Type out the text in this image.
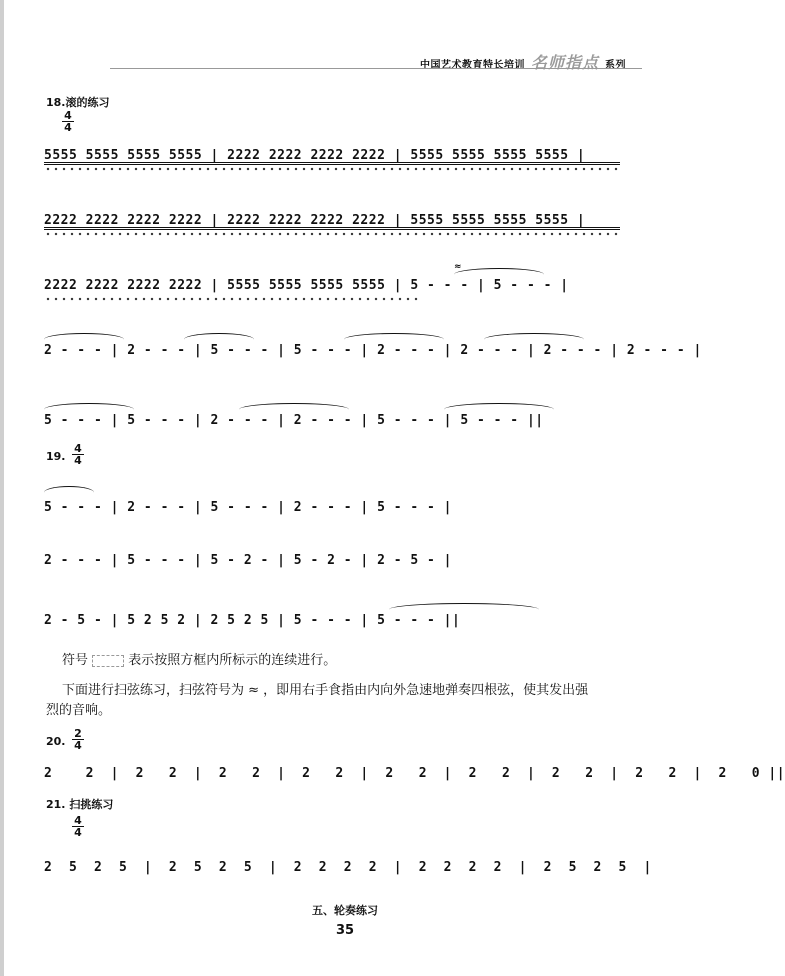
中国艺术教育特长培训 名师指点 系列
18.滚的练习
$\frac{4}{4}$
5555 5555 5555 5555 | 2222 2222 2222 2222 | 5555 5555 5555 5555 |
2222 2222 2222 2222 | 2222 2222 2222 2222 | 5555 5555 5555 5555 |
≈
2222 2222 2222 2222 | 5555 5555 5555 5555 | 5 - - - | 5 - - - |
2 - - - | 2 - - - | 5 - - - | 5 - - - | 2 - - - | 2 - - - | 2 - - - | 2 - - - |
5 - - - | 5 - - - | 2 - - - | 2 - - - | 5 - - - | 5 - - - ||
19. $\frac{4}{4}$
5 - - - | 2 - - - | 5 - - - | 2 - - - | 5 - - - |
2 - - - | 5 - - - | 5 - 2 - | 5 - 2 - | 2 - 5 - |
2 - 5 - | 5 2 5 2 | 2 5 2 5 | 5 - - - | 5 - - - ||
符号	表示按照方框内所标示的连续进行。
下面进行扫弦练习，扫弦符号为 ≈ ，即用右手食指由内向外急速地弹奏四根弦，使其发出强
烈的音响。
20. $\frac{2}{4}$
2    2  |  2   2  |  2   2  |  2   2  |  2   2  |  2   2  |  2   2  |  2   2  |  2   0 ||
21. 扫挑练习
$\frac{4}{4}$
2  5  2  5  |  2  5  2  5  |  2  2  2  2  |  2  2  2  2  |  2  5  2  5  |
五、轮奏练习
35
